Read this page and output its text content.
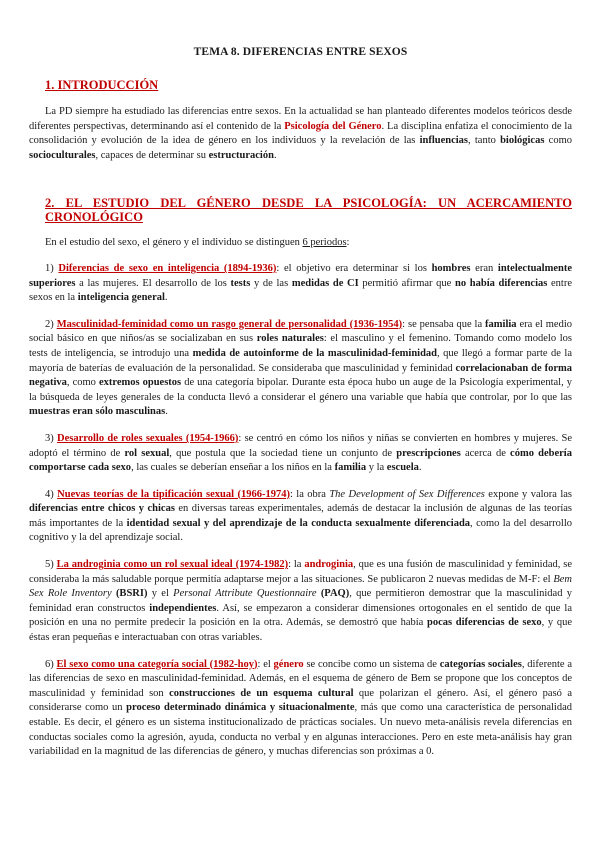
TEMA 8. DIFERENCIAS ENTRE SEXOS
1. INTRODUCCIÓN

La PD siempre ha estudiado las diferencias entre sexos. En la actualidad se han planteado diferentes modelos teóricos desde diferentes perspectivas, determinando así el contenido de la Psicología del Género. La disciplina enfatiza el conocimiento de la consolidación y evolución de la idea de género en los individuos y la revelación de las influencias, tanto biológicas como socioculturales, capaces de determinar su estructuración.

2. EL ESTUDIO DEL GÉNERO DESDE LA PSICOLOGÍA: UN ACERCAMIENTO CRONOLÓGICO

En el estudio del sexo, el género y el individuo se distinguen 6 periodos:

1) Diferencias de sexo en inteligencia (1894-1936): el objetivo era determinar si los hombres eran intelectualmente superiores a las mujeres. El desarrollo de los tests y de las medidas de CI permitió afirmar que no había diferencias entre sexos en la inteligencia general.

2) Masculinidad-feminidad como un rasgo general de personalidad (1936-1954): se pensaba que la familia era el medio social básico en que niños/as se socializaban en sus roles naturales: el masculino y el femenino. Tomando como modelo los tests de inteligencia, se introdujo una medida de autoinforme de la masculinidad-feminidad, que llegó a formar parte de la mayoría de baterías de evaluación de la personalidad. Se consideraba que masculinidad y feminidad correlacionaban de forma negativa, como extremos opuestos de una categoría bipolar. Durante esta época hubo un auge de la Psicología experimental, y la búsqueda de leyes generales de la conducta llevó a considerar el género una variable que había que controlar, por lo que las muestras eran sólo masculinas.

3) Desarrollo de roles sexuales (1954-1966): se centró en cómo los niños y niñas se convierten en hombres y mujeres. Se adoptó el término de rol sexual, que postula que la sociedad tiene un conjunto de prescripciones acerca de cómo debería comportarse cada sexo, las cuales se deberían enseñar a los niños en la familia y la escuela.

4) Nuevas teorías de la tipificación sexual (1966-1974): la obra The Development of Sex Differences expone y valora las diferencias entre chicos y chicas en diversas tareas experimentales, además de destacar la inclusión de algunas de las teorías más importantes de la identidad sexual y del aprendizaje de la conducta sexualmente diferenciada, como la del desarrollo cognitivo y la del aprendizaje social.

5) La androginia como un rol sexual ideal (1974-1982): la androginia, que es una fusión de masculinidad y feminidad, se consideraba la más saludable porque permitía adaptarse mejor a las situaciones. Se publicaron 2 nuevas medidas de M-F: el Bem Sex Role Inventory (BSRI) y el Personal Attribute Questionnaire (PAQ), que permitieron demostrar que la masculinidad y feminidad eran constructos independientes. Así, se empezaron a considerar dimensiones ortogonales en el sentido de que la posición en una no permite predecir la posición en la otra. Además, se demostró que había pocas diferencias de sexo, y que éstas eran pequeñas e interactuaban con otras variables.

6) El sexo como una categoría social (1982-hoy): el género se concibe como un sistema de categorías sociales, diferente a las diferencias de sexo en masculinidad-feminidad. Además, en el esquema de género de Bem se propone que los conceptos de masculinidad y feminidad son construcciones de un esquema cultural que polarizan el género. Así, el género pasó a considerarse como un proceso determinado dinámica y situacionalmente, más que como una característica de personalidad estable. Es decir, el género es un sistema institucionalizado de prácticas sociales. Un nuevo meta-análisis revela diferencias en conductas sociales como la agresión, ayuda, conducta no verbal y en algunas interacciones. Pero en este meta-análisis hay gran variabilidad en la magnitud de las diferencias de género, y muchas diferencias son próximas a 0.
